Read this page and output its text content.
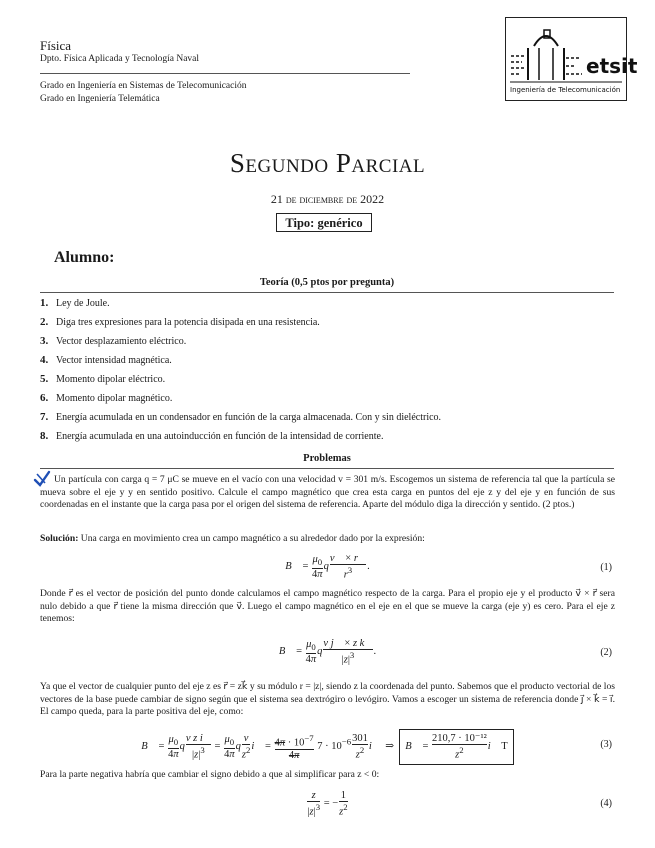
Física
Dpto. Física Aplicada y Tecnología Naval
Grado en Ingeniería en Sistemas de Telecomunicación
Grado en Ingeniería Telemática
etsit
Ingeniería de Telecomunicación
Segundo Parcial
21 de diciembre de 2022
Tipo: genérico
Alumno:
Teoría (0,5 ptos por pregunta)
1. Ley de Joule.
2. Diga tres expresiones para la potencia disipada en una resistencia.
3. Vector desplazamiento eléctrico.
4. Vector intensidad magnética.
5. Momento dipolar eléctrico.
6. Momento dipolar magnético.
7. Energía acumulada en un condensador en función de la carga almacenada. Con y sin dieléctrico.
8. Energía acumulada en una autoinducción en función de la intensidad de corriente.
Problemas
Un partícula con carga q = 7 μC se mueve en el vacío con una velocidad v = 301 m/s. Escogemos un sistema de referencia tal que la partícula se mueva sobre el eje y y en sentido positivo. Calcule el campo magnético que crea esta carga en puntos del eje z y del eje y en función de sus coordenadas en el instante que la carga pasa por el origen del sistema de referencia. Aparte del módulo diga la dirección y sentido. (2 ptos.)
Solución: Una carga en movimiento crea un campo magnético a su alrededor dado por la expresión:
B⃗ = $\frac{\mu_0}{4\pi}$ q $\frac{v⃗ \times r⃗}{r^3}$ .	(1)
Donde r⃗ es el vector de posición del punto donde calculamos el campo magnético respecto de la carga. Para el propio eje y el producto v⃗ × r⃗ sera nulo debido a que r⃗ tiene la misma dirección que v⃗. Luego el campo magnético en el eje en el que se mueve la carga (eje y) es cero. Para el eje z tenemos:
B⃗ = $\frac{\mu_0}{4\pi}$ q $\frac{\text{v j⃗ × z k⃗}}{|z|^3}$ .	(2)
Ya que el vector de cualquier punto del eje z es r⃗ = zk⃗ y su módulo r = |z|, siendo z la coordenada del punto. Sabemos que el producto vectorial de los vectores de la base puede cambiar de signo según que el sistema sea dextrógiro o levógiro. Vamos a escoger un sistema de referencia donde j⃗ × k⃗ = i⃗. El campo queda, para la parte positiva del eje, como:
B⃗ = $\frac{\mu_0}{4\pi}$ q $\frac{\text{v z i⃗}}{|z|^3} = \frac{\mu_0}{4\pi}$ q $\frac{v}{z^2}$ i⃗ = $\frac{4\pi \cdot 10^{-7}}{4\pi} 7 \cdot 10^{-6} \frac{301}{z^2}$ i⃗  ⇒  B⃗ = $\frac{\text{210,7 · 10⁻¹²}}{z^2}$ i⃗ T	(3)
Para la parte negativa habría que cambiar el signo debido a que al simplificar para z < 0:
$\frac{z}{|z|^3}$ = − $\frac{1}{z^2}$	(4)
